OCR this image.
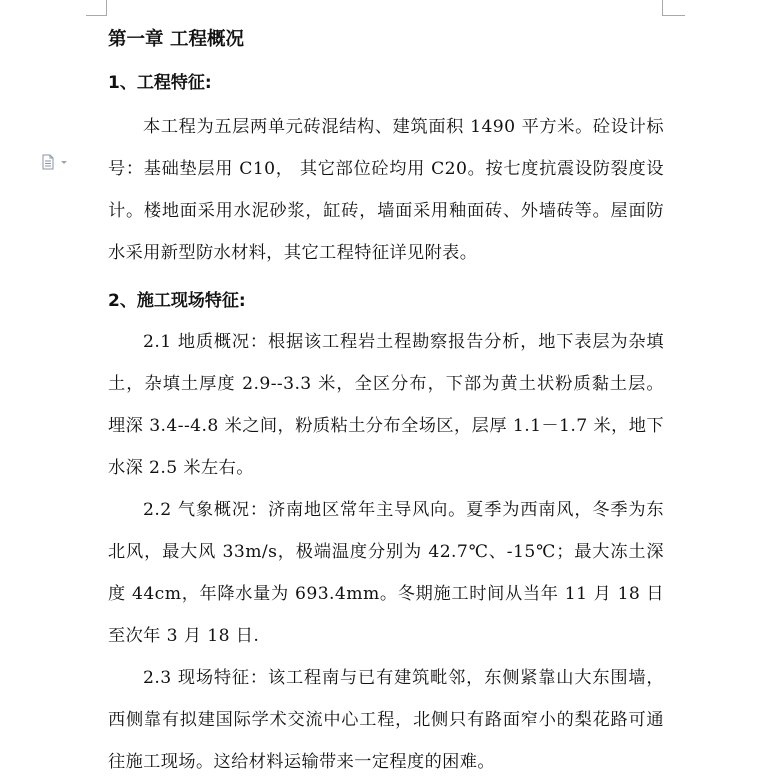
第一章 工程概况
1、工程特征:

本工程为五层两单元砖混结构、建筑面积 1490 平方米。砼设计标号：基础垫层用 C10， 其它部位砼均用 C20。按七度抗震设防裂度设计。楼地面采用水泥砂浆，缸砖，墙面采用釉面砖、外墙砖等。屋面防水采用新型防水材料，其它工程特征详见附表。

2、施工现场特征:

2.1 地质概况：根据该工程岩土程勘察报告分析，地下表层为杂填土，杂填土厚度 2.9--3.3 米，全区分布，下部为黄土状粉质黏土层。埋深 3.4--4.8 米之间，粉质粘土分布全场区，层厚 1.1－1.7 米，地下水深 2.5 米左右。

2.2 气象概况：济南地区常年主导风向。夏季为西南风，冬季为东北风，最大风 33m/s，极端温度分别为 42.7℃、-15℃；最大冻土深度 44cm，年降水量为 693.4mm。冬期施工时间从当年 11 月 18 日至次年 3 月 18 日.

2.3 现场特征：该工程南与已有建筑毗邻，东侧紧靠山大东围墙，西侧靠有拟建国际学术交流中心工程，北侧只有路面窄小的梨花路可通往施工现场。这给材料运输带来一定程度的困难。
